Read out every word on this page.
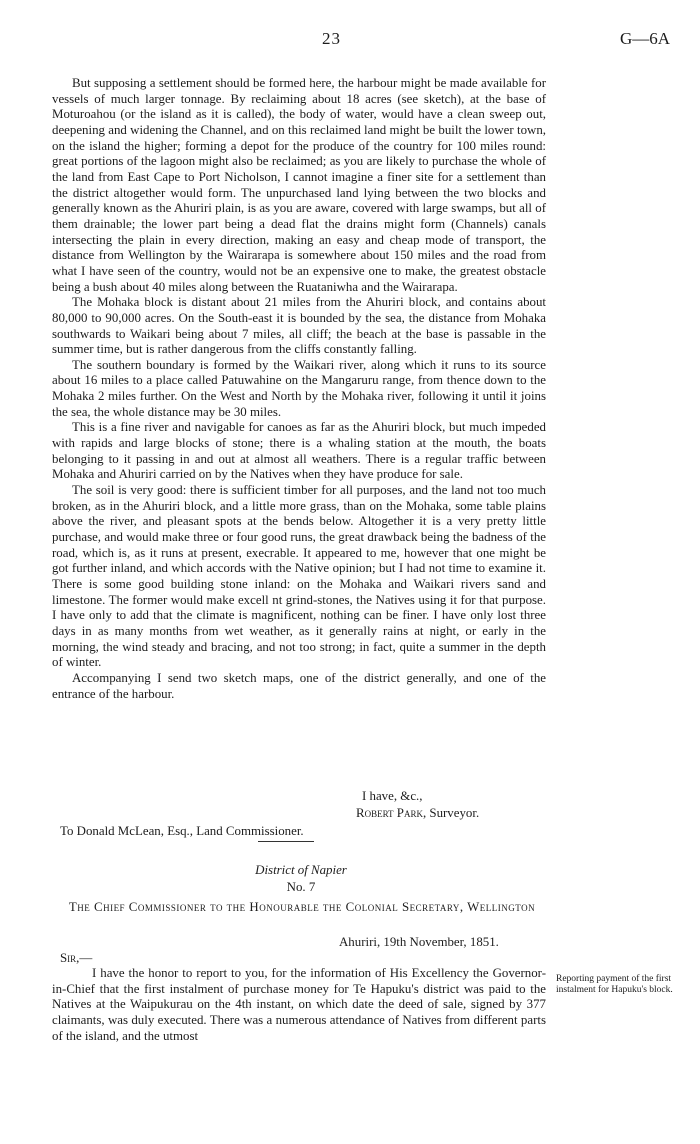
23	G—6A

But supposing a settlement should be formed here, the harbour might be made available for vessels of much larger tonnage. By reclaiming about 18 acres (see sketch), at the base of Moturoahou (or the island as it is called), the body of water, would have a clean sweep out, deepening and widening the Channel, and on this reclaimed land might be built the lower town, on the island the higher; forming a depot for the produce of the country for 100 miles round: great portions of the lagoon might also be reclaimed; as you are likely to purchase the whole of the land from East Cape to Port Nicholson, I cannot imagine a finer site for a settlement than the district altogether would form. The unpurchased land lying between the two blocks and generally known as the Ahuriri plain, is as you are aware, covered with large swamps, but all of them drainable; the lower part being a dead flat the drains might form (Channels) canals intersecting the plain in every direction, making an easy and cheap mode of transport, the distance from Wellington by the Wairarapa is somewhere about 150 miles and the road from what I have seen of the country, would not be an expensive one to make, the greatest obstacle being a bush about 40 miles along between the Ruataniwha and the Wairarapa.

The Mohaka block is distant about 21 miles from the Ahuriri block, and contains about 80,000 to 90,000 acres. On the South-east it is bounded by the sea, the distance from Mohaka southwards to Waikari being about 7 miles, all cliff; the beach at the base is passable in the summer time, but is rather dangerous from the cliffs constantly falling.

The southern boundary is formed by the Waikari river, along which it runs to its source about 16 miles to a place called Patuwahine on the Mangaruru range, from thence down to the Mohaka 2 miles further. On the West and North by the Mohaka river, following it until it joins the sea, the whole distance may be 30 miles.

This is a fine river and navigable for canoes as far as the Ahuriri block, but much impeded with rapids and large blocks of stone; there is a whaling station at the mouth, the boats belonging to it passing in and out at almost all weathers. There is a regular traffic between Mohaka and Ahuriri carried on by the Natives when they have produce for sale.

The soil is very good: there is sufficient timber for all purposes, and the land not too much broken, as in the Ahuriri block, and a little more grass, than on the Mohaka, some table plains above the river, and pleasant spots at the bends below. Altogether it is a very pretty little purchase, and would make three or four good runs, the great drawback being the badness of the road, which is, as it runs at present, execrable. It appeared to me, however that one might be got further inland, and which accords with the Native opinion; but I had not time to examine it. There is some good building stone inland: on the Mohaka and Waikari rivers sand and limestone. The former would make excell nt grind-stones, the Natives using it for that purpose. I have only to add that the climate is magnificent, nothing can be finer. I have only lost three days in as many months from wet weather, as it generally rains at night, or early in the morning, the wind steady and bracing, and not too strong; in fact, quite a summer in the depth of winter.

Accompanying I send two sketch maps, one of the district generally, and one of the entrance of the harbour.

I have, &c.,
Robert Park, Surveyor.
To Donald McLean, Esq., Land Commissioner.
District of Napier
No. 7
The Chief Commissioner to the Honourable the Colonial Secretary, Wellington
Ahuriri, 19th November, 1851.
Sir,—

I have the honor to report to you, for the information of His Excellency the Governor-in-Chief that the first instalment of purchase money for Te Hapuku's district was paid to the Natives at the Waipukurau on the 4th instant, on which date the deed of sale, signed by 377 claimants, was duly executed. There was a numerous attendance of Natives from different parts of the island, and the utmost

Reporting payment of the first instalment for Hapuku's block.
